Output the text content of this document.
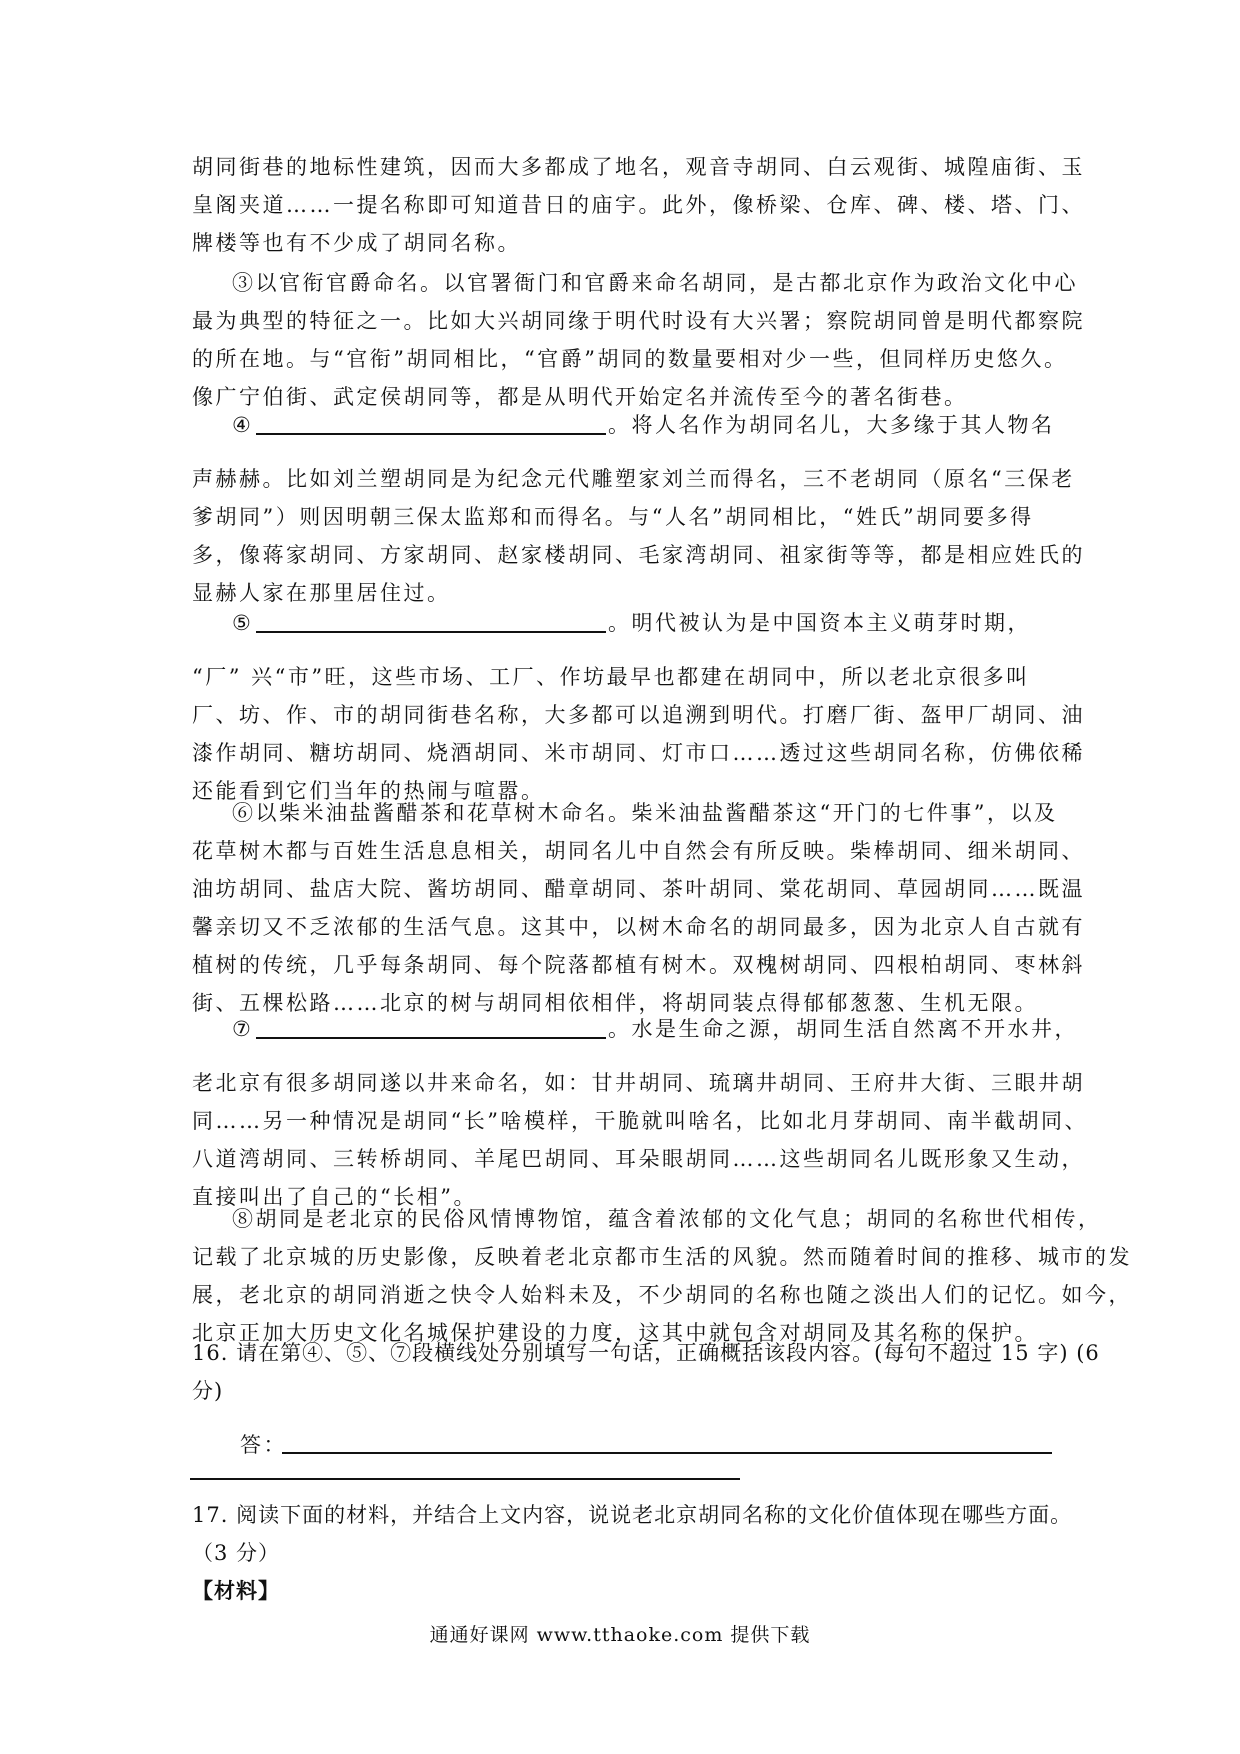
胡同街巷的地标性建筑，因而大多都成了地名，观音寺胡同、白云观街、城隍庙街、玉

皇阁夹道……一提名称即可知道昔日的庙宇。此外，像桥梁、仓库、碑、楼、塔、门、

牌楼等也有不少成了胡同名称。

③以官衔官爵命名。以官署衙门和官爵来命名胡同，是古都北京作为政治文化中心

最为典型的特征之一。比如大兴胡同缘于明代时设有大兴署；察院胡同曾是明代都察院

的所在地。与“官衔”胡同相比，“官爵”胡同的数量要相对少一些，但同样历史悠久。

像广宁伯街、武定侯胡同等，都是从明代开始定名并流传至今的著名街巷。

④	。将人名作为胡同名儿，大多缘于其人物名

声赫赫。比如刘兰塑胡同是为纪念元代雕塑家刘兰而得名，三不老胡同（原名“三保老

爹胡同”）则因明朝三保太监郑和而得名。与“人名”胡同相比，“姓氏”胡同要多得

多，像蒋家胡同、方家胡同、赵家楼胡同、毛家湾胡同、祖家街等等，都是相应姓氏的

显赫人家在那里居住过。

⑤	。明代被认为是中国资本主义萌芽时期，

“厂” 兴“市”旺，这些市场、工厂、作坊最早也都建在胡同中，所以老北京很多叫

厂、坊、作、市的胡同街巷名称，大多都可以追溯到明代。打磨厂街、盔甲厂胡同、油

漆作胡同、糖坊胡同、烧酒胡同、米市胡同、灯市口……透过这些胡同名称，仿佛依稀

还能看到它们当年的热闹与喧嚣。

⑥以柴米油盐酱醋茶和花草树木命名。柴米油盐酱醋茶这“开门的七件事”，以及

花草树木都与百姓生活息息相关，胡同名儿中自然会有所反映。柴棒胡同、细米胡同、

油坊胡同、盐店大院、酱坊胡同、醋章胡同、茶叶胡同、棠花胡同、草园胡同……既温

馨亲切又不乏浓郁的生活气息。这其中，以树木命名的胡同最多，因为北京人自古就有

植树的传统，几乎每条胡同、每个院落都植有树木。双槐树胡同、四根柏胡同、枣林斜

街、五棵松路……北京的树与胡同相依相伴，将胡同装点得郁郁葱葱、生机无限。

⑦	。水是生命之源，胡同生活自然离不开水井，

老北京有很多胡同遂以井来命名，如：甘井胡同、琉璃井胡同、王府井大街、三眼井胡

同……另一种情况是胡同“长”啥模样，干脆就叫啥名，比如北月芽胡同、南半截胡同、

八道湾胡同、三转桥胡同、羊尾巴胡同、耳朵眼胡同……这些胡同名儿既形象又生动，

直接叫出了自己的“长相”。

⑧胡同是老北京的民俗风情博物馆，蕴含着浓郁的文化气息；胡同的名称世代相传，

记载了北京城的历史影像，反映着老北京都市生活的风貌。然而随着时间的推移、城市的发

展，老北京的胡同消逝之快令人始料未及，不少胡同的名称也随之淡出人们的记忆。如今，

北京正加大历史文化名城保护建设的力度，这其中就包含对胡同及其名称的保护。

16. 请在第④、⑤、⑦段横线处分别填写一句话，正确概括该段内容。(每句不超过 15 字) (6
分)
答：
17. 阅读下面的材料，并结合上文内容，说说老北京胡同名称的文化价值体现在哪些方面。
（3 分）
【材料】
通通好课网 www.tthaoke.com 提供下载
